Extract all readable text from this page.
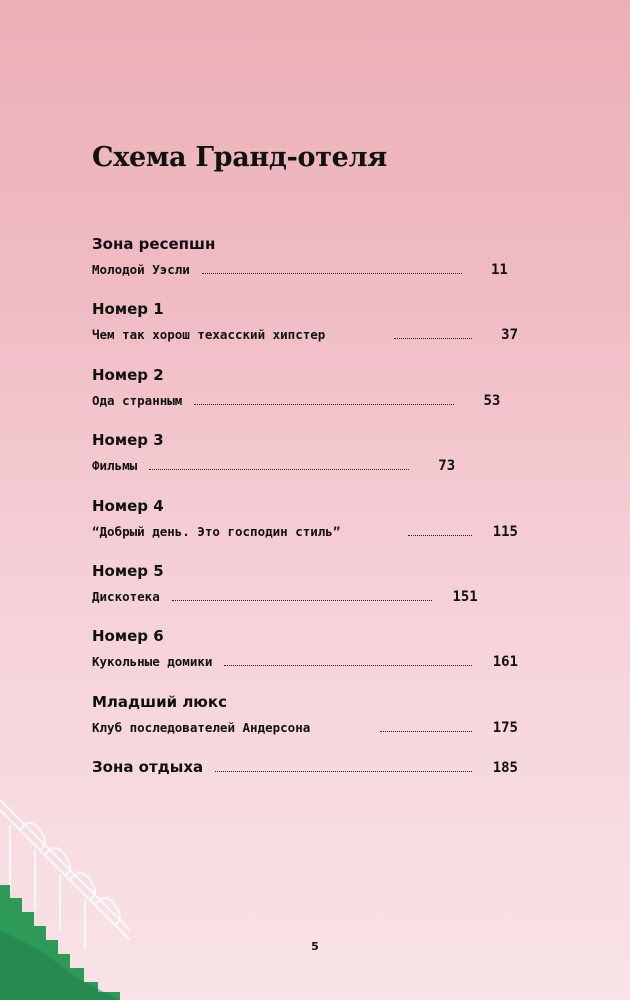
Схема Гранд-отеля
Зона ресепшн
Молодой Уэсли	11
Номер 1
Чем так хорош техасский хипстер	37
Номер 2
Ода странным	53
Номер 3
Фильмы	73
Номер 4
“Добрый день. Это господин стиль”	115
Номер 5
Дискотека	151
Номер 6
Кукольные домики	161
Младший люкс
Клуб последователей Андерсона	175
Зона отдыха	185
5
